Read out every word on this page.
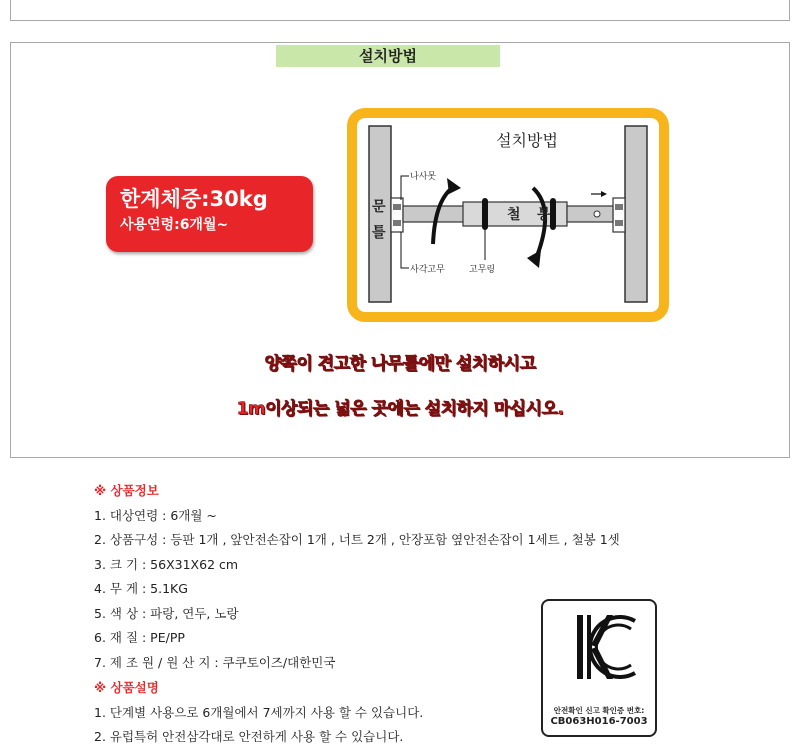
설치방법
한계체중:30kg
사용연령:6개월~
설치방법
문
틀
철 봉
나사못
사각고무	고무링
양쪽이 견고한 나무틀에만 설치하시고
1m이상되는 넓은 곳에는 설치하지 마십시오.
※ 상품정보
1. 대상연령 : 6개월 ~
2. 상품구성 : 등판 1개 , 앞안전손잡이 1개 , 너트 2개 , 안장포함 옆안전손잡이 1세트 , 철봉 1셋
3. 크 기 : 56X31X62 cm
4. 무 게 : 5.1KG
5. 색 상 : 파랑, 연두, 노랑
6. 재 질 : PE/PP
7. 제 조 원 / 원 산 지 : 쿠쿠토이즈/대한민국
※ 상품설명
1. 단계별 사용으로 6개월에서 7세까지 사용 할 수 있습니다.
2. 유럽특허 안전삼각대로 안전하게 사용 할 수 있습니다.
안전확인 신고 확인증 번호:
CB063H016-7003
